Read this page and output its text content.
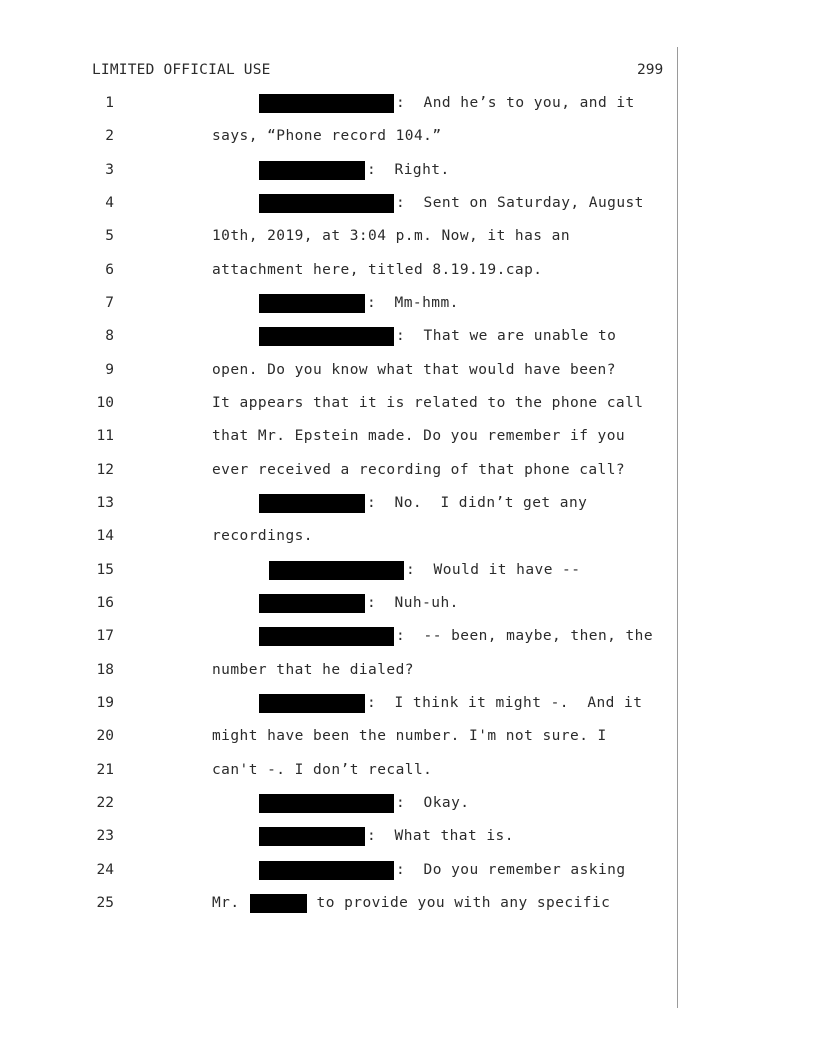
LIMITED OFFICIAL USE	299
1	:  And he’s to you, and it
2	says, “Phone record 104.”
3	:  Right.
4	:  Sent on Saturday, August
5	10th, 2019, at 3:04 p.m. Now, it has an
6	attachment here, titled 8.19.19.cap.
7	:  Mm-hmm.
8	:  That we are unable to
9	open. Do you know what that would have been?
10	It appears that it is related to the phone call
11	that Mr. Epstein made. Do you remember if you
12	ever received a recording of that phone call?
13	:  No.  I didn’t get any
14	recordings.
15	:  Would it have --
16	:  Nuh-uh.
17	:  -- been, maybe, then, the
18	number that he dialed?
19	:  I think it might -.  And it
20	might have been the number. I'm not sure. I
21	can't -. I don’t recall.
22	:  Okay.
23	:  What that is.
24	:  Do you remember asking
25	Mr.	to provide you with any specific
